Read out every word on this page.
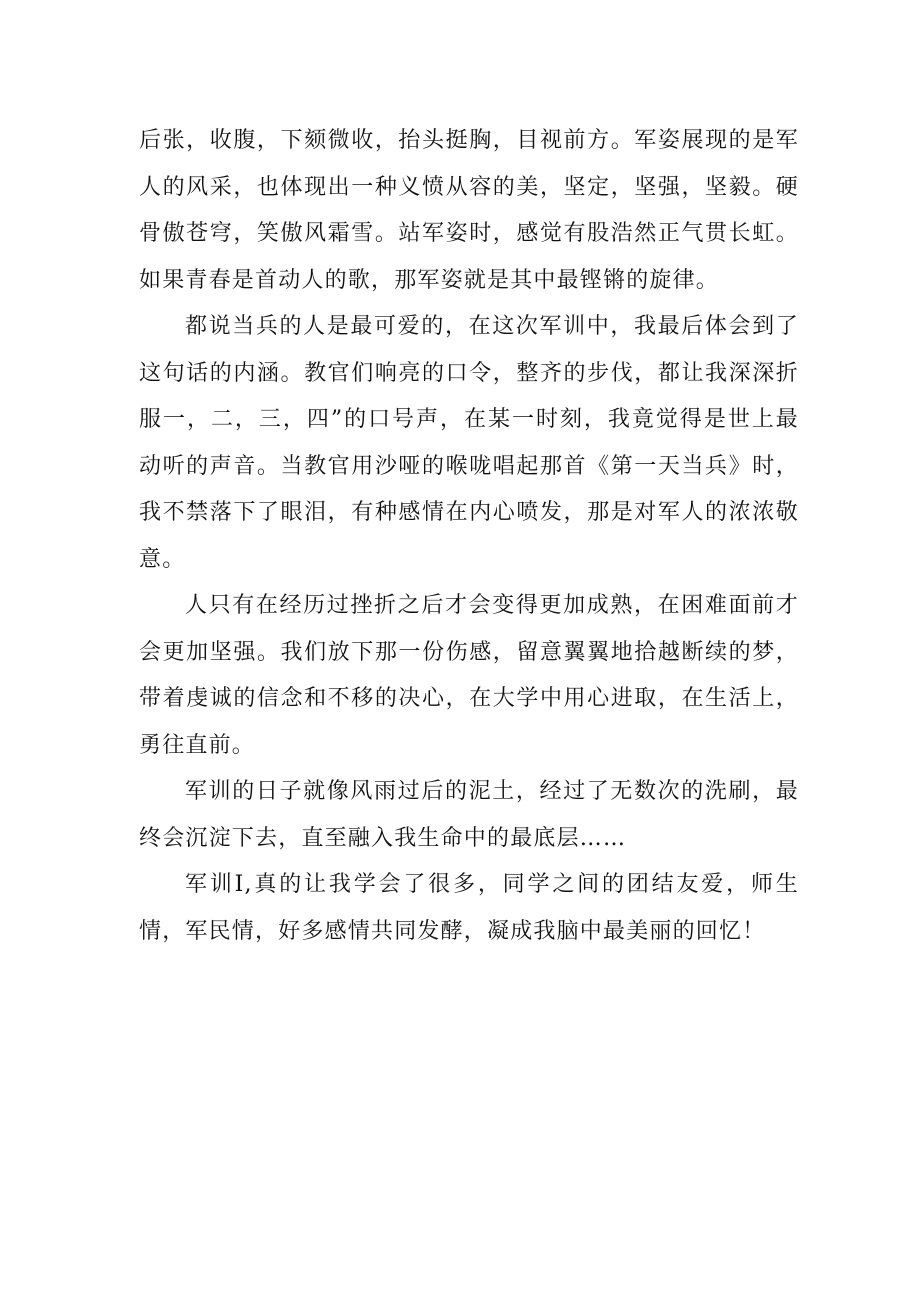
后张，收腹，下颏微收，抬头挺胸，目视前方。军姿展现的是军人的风采，也体现出一种义愤从容的美，坚定，坚强，坚毅。硬骨傲苍穹，笑傲风霜雪。站军姿时，感觉有股浩然正气贯长虹。如果青春是首动人的歌，那军姿就是其中最铿锵的旋律。

都说当兵的人是最可爱的，在这次军训中，我最后体会到了这句话的内涵。教官们响亮的口令，整齐的步伐，都让我深深折服一，二，三，四”的口号声，在某一时刻，我竟觉得是世上最动听的声音。当教官用沙哑的喉咙唱起那首《第一天当兵》时，我不禁落下了眼泪，有种感情在内心喷发，那是对军人的浓浓敬意。

人只有在经历过挫折之后才会变得更加成熟，在困难面前才会更加坚强。我们放下那一份伤感，留意翼翼地拾越断续的梦，带着虔诚的信念和不移的决心，在大学中用心进取，在生活上，勇往直前。

军训的日子就像风雨过后的泥土，经过了无数次的洗刷，最终会沉淀下去，直至融入我生命中的最底层……

军训I,真的让我学会了很多，同学之间的团结友爱，师生情，军民情，好多感情共同发酵，凝成我脑中最美丽的回忆！
